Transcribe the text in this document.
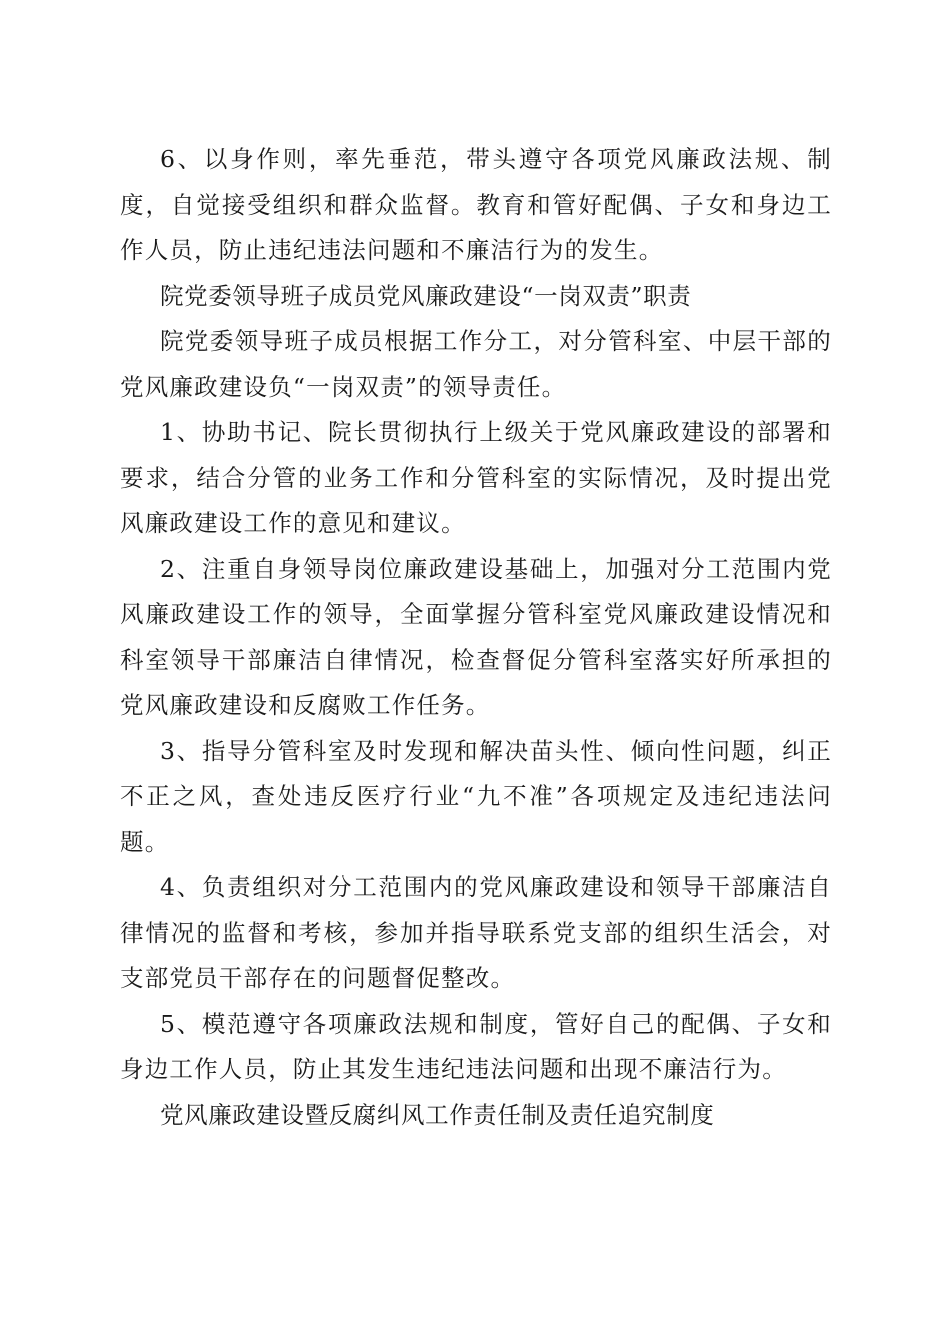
6、以身作则，率先垂范，带头遵守各项党风廉政法规、制度，自觉接受组织和群众监督。教育和管好配偶、子女和身边工作人员，防止违纪违法问题和不廉洁行为的发生。

院党委领导班子成员党风廉政建设“一岗双责”职责

院党委领导班子成员根据工作分工，对分管科室、中层干部的党风廉政建设负“一岗双责”的领导责任。

1、协助书记、院长贯彻执行上级关于党风廉政建设的部署和要求，结合分管的业务工作和分管科室的实际情况，及时提出党风廉政建设工作的意见和建议。

2、注重自身领导岗位廉政建设基础上，加强对分工范围内党风廉政建设工作的领导，全面掌握分管科室党风廉政建设情况和科室领导干部廉洁自律情况，检查督促分管科室落实好所承担的党风廉政建设和反腐败工作任务。

3、指导分管科室及时发现和解决苗头性、倾向性问题，纠正不正之风，查处违反医疗行业“九不准”各项规定及违纪违法问题。

4、负责组织对分工范围内的党风廉政建设和领导干部廉洁自律情况的监督和考核，参加并指导联系党支部的组织生活会，对支部党员干部存在的问题督促整改。

5、模范遵守各项廉政法规和制度，管好自己的配偶、子女和身边工作人员，防止其发生违纪违法问题和出现不廉洁行为。

党风廉政建设暨反腐纠风工作责任制及责任追究制度
